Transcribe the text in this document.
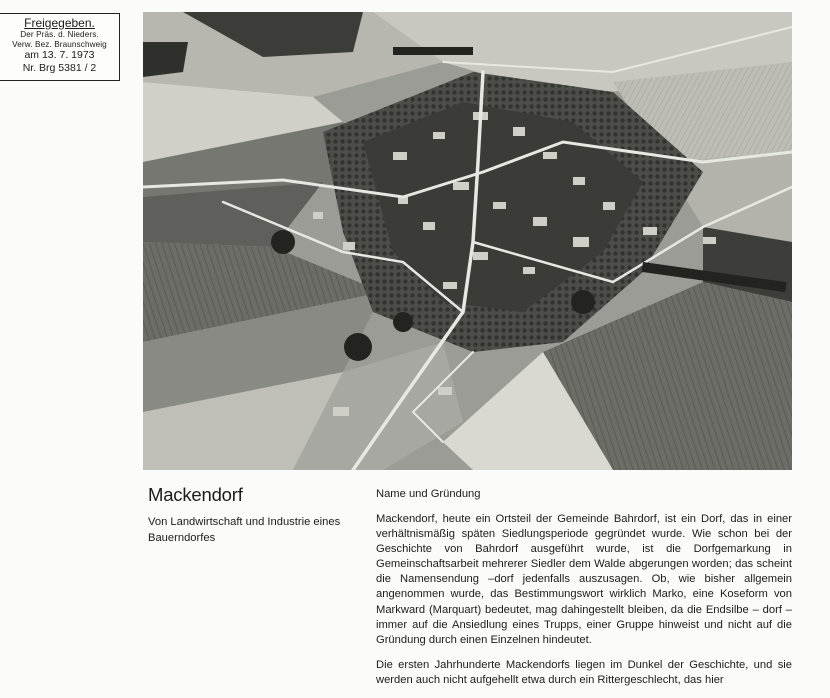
Freigegeben.
Der Präs. d. Nieders.
Verw. Bez. Braunschweig
am 13. 7. 1973
Nr. Brg 5381 / 2
Mackendorf
Von Landwirtschaft und Industrie eines Bauerndorfes
Name und Gründung

Mackendorf, heute ein Ortsteil der Gemeinde Bahrdorf, ist ein Dorf, das in einer verhältnismäßig späten Siedlungsperiode gegründet wurde. Wie schon bei der Geschichte von Bahrdorf ausgeführt wurde, ist die Dorfgemarkung in Gemeinschaftsarbeit mehrerer Siedler dem Walde abgerungen worden; das scheint die Namensendung –dorf jedenfalls auszusagen. Ob, wie bisher allgemein angenommen wurde, das Bestimmungswort wirklich Marko, eine Koseform von Markward (Marquart) bedeutet, mag dahingestellt bleiben, da die Endsilbe – dorf – immer auf die Ansiedlung eines Trupps, einer Gruppe hinweist und nicht auf die Gründung durch einen Einzelnen hindeutet.

Die ersten Jahrhunderte Mackendorfs liegen im Dunkel der Geschichte, und sie werden auch nicht aufgehellt etwa durch ein Rittergeschlecht, das hier
